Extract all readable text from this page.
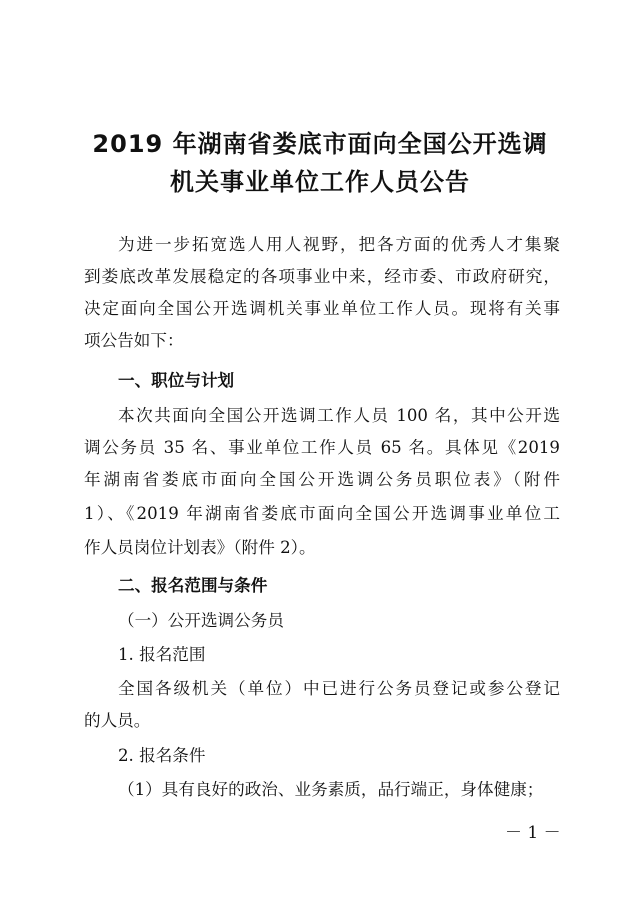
2019 年湖南省娄底市面向全国公开选调
机关事业单位工作人员公告
为进一步拓宽选人用人视野，把各方面的优秀人才集聚
到娄底改革发展稳定的各项事业中来，经市委、市政府研究，
决定面向全国公开选调机关事业单位工作人员。现将有关事
项公告如下：
一、职位与计划
本次共面向全国公开选调工作人员 100 名，其中公开选
调公务员 35 名、事业单位工作人员 65 名。具体见《2019
年湖南省娄底市面向全国公开选调公务员职位表》（附件
1）、《2019 年湖南省娄底市面向全国公开选调事业单位工
作人员岗位计划表》（附件 2）。
二、报名范围与条件
（一）公开选调公务员
1. 报名范围
全国各级机关（单位）中已进行公务员登记或参公登记
的人员。
2. 报名条件
（1）具有良好的政治、业务素质，品行端正，身体健康；
－ 1 －
